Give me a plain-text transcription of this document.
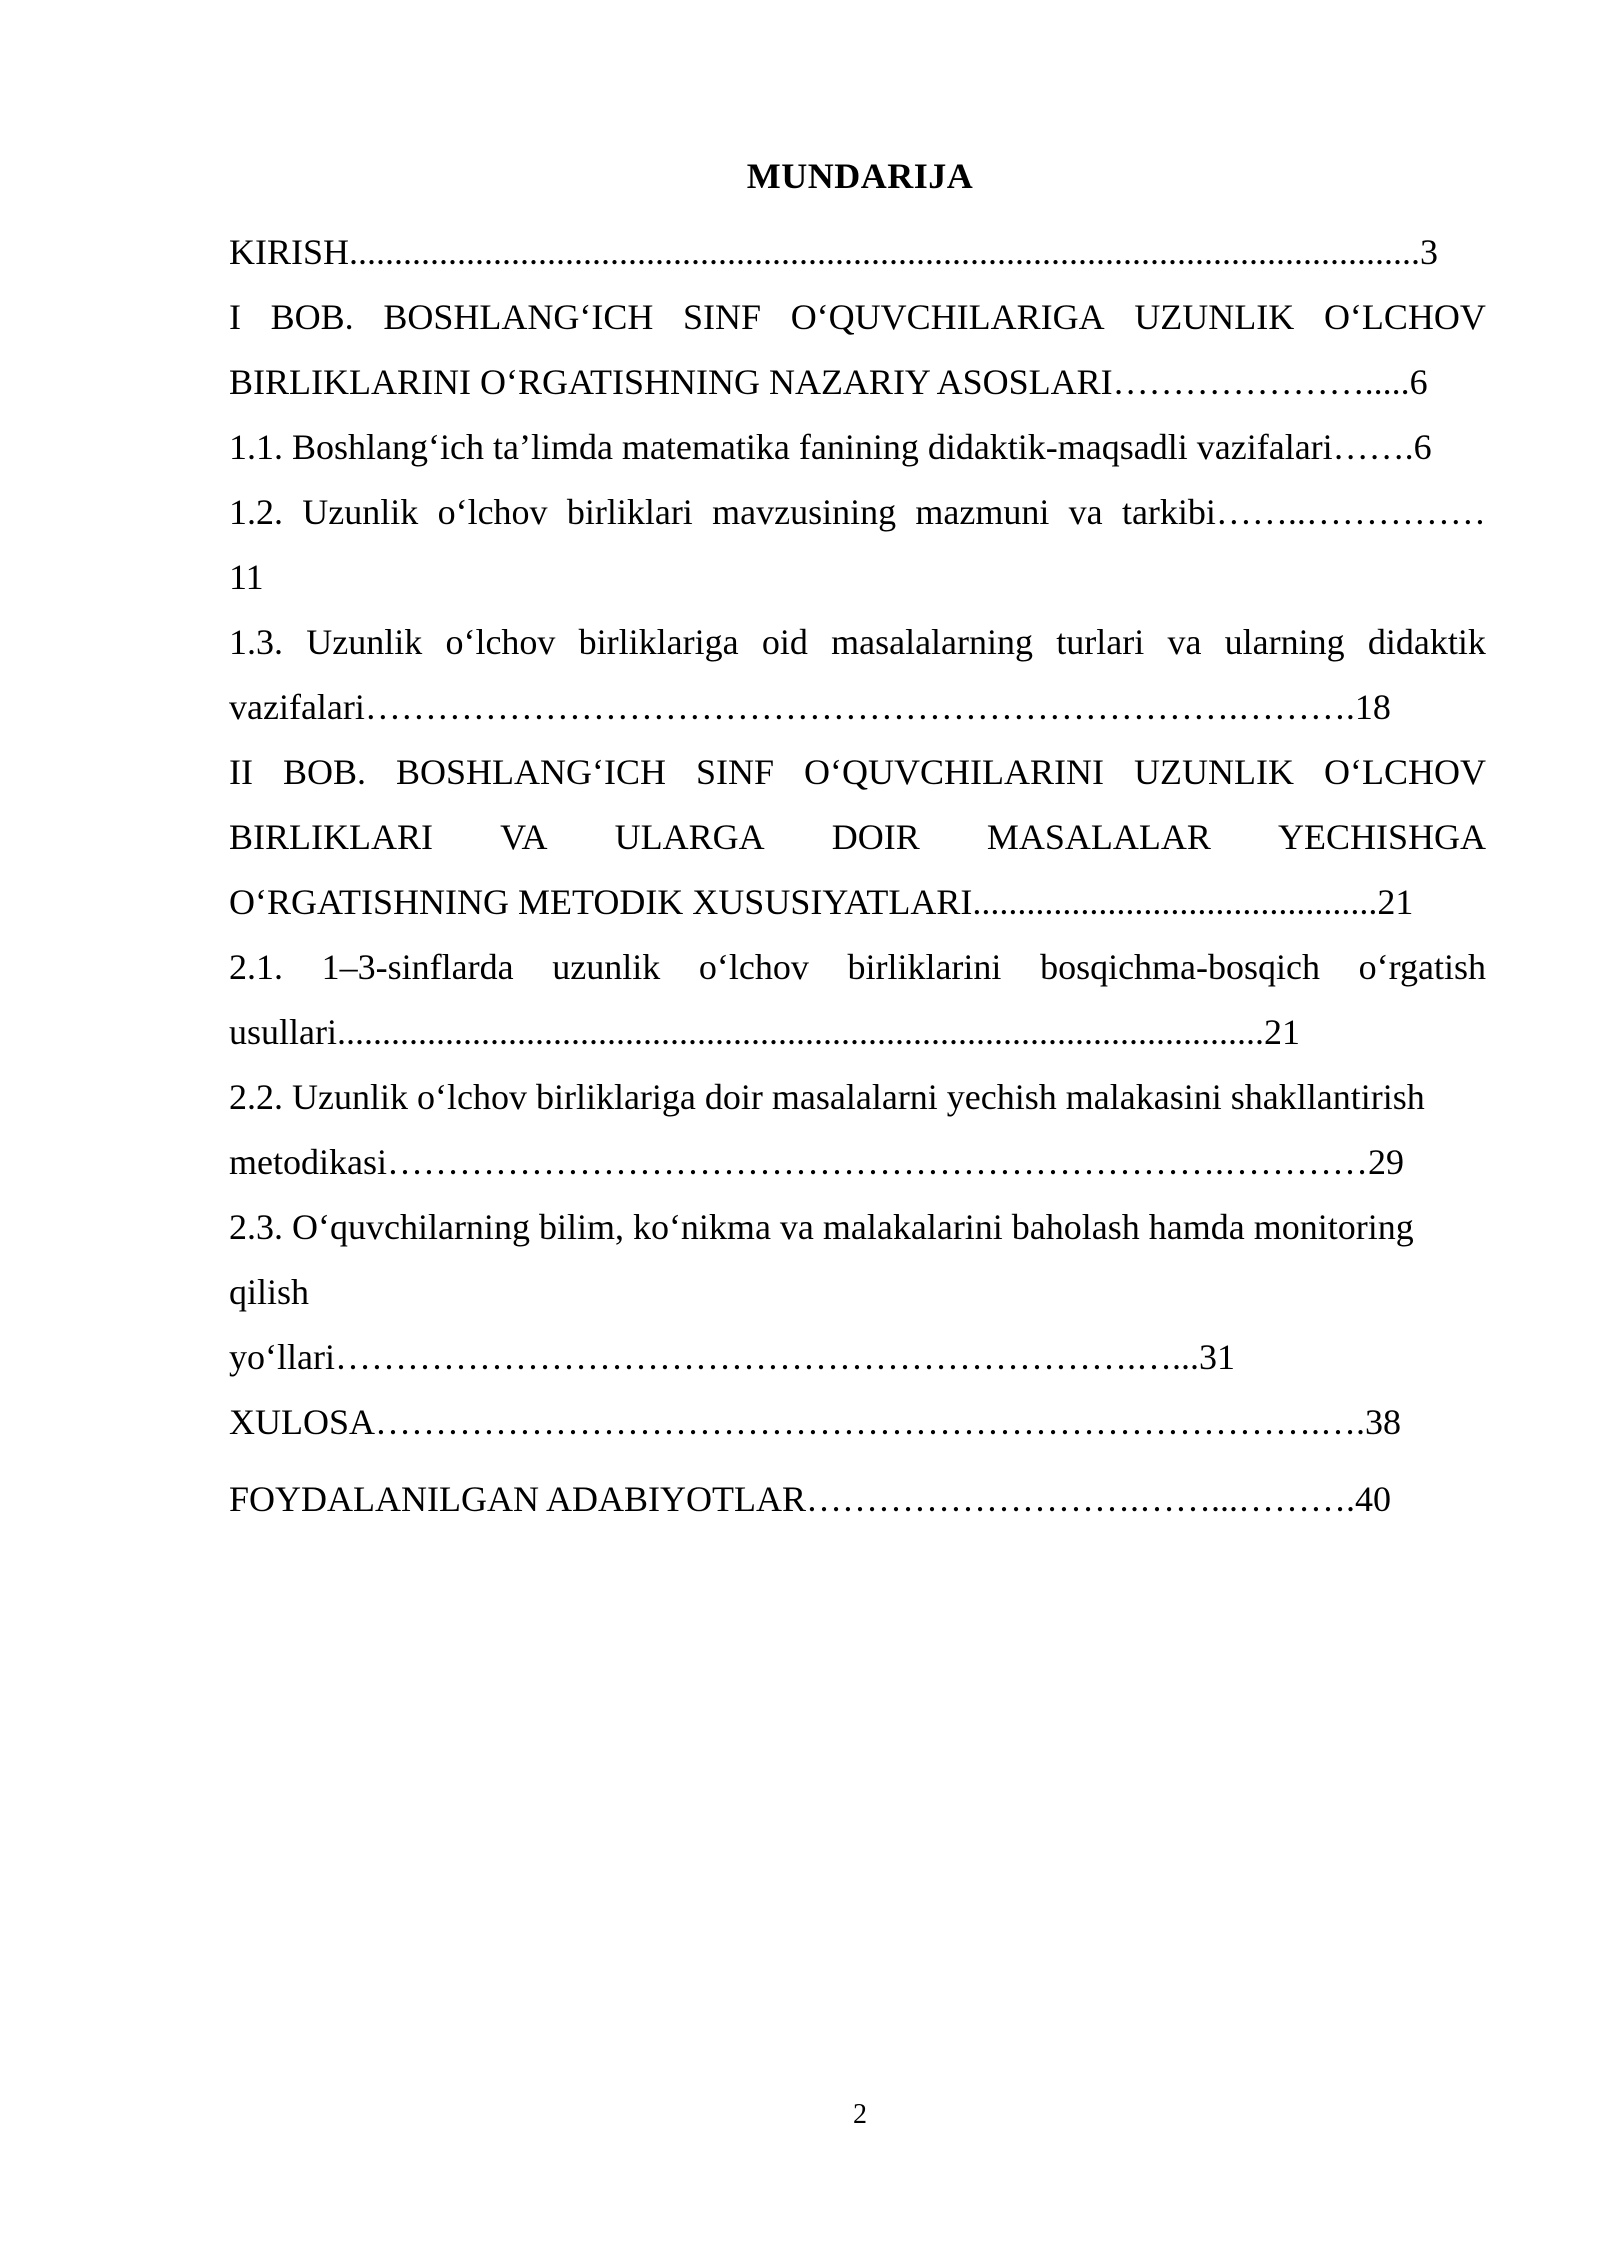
MUNDARIJA
KIRISH.......................................................................................................................3
I BOB. BOSHLANG‘ICH SINF O‘QUVCHILARIGA UZUNLIK O‘LCHOV
BIRLIKLARINI O‘RGATISHNING NAZARIY ASOSLARI………………….....6
1.1. Boshlang‘ich ta’limda matematika fanining didaktik-maqsadli vazifalari…….6
1.2. Uzunlik o‘lchov birliklari mavzusining mazmuni va tarkibi……..……………
11
1.3. Uzunlik o‘lchov birliklariga oid masalalarning turlari va ularning didaktik
vazifalari……………………………………………………………….……….18
II BOB. BOSHLANG‘ICH SINF O‘QUVCHILARINI UZUNLIK O‘LCHOV
BIRLIKLARI VA ULARGA DOIR MASALALAR YECHISHGA
O‘RGATISHNING METODIK XUSUSIYATLARI.............................................21
2.1. 1–3-sinflarda uzunlik o‘lchov birliklarini bosqichma-bosqich o‘rgatish
usullari.......................................................................................................21
2.2. Uzunlik o‘lchov birliklariga doir masalalarni yechish malakasini shakllantirish
metodikasi…………………………………………………………….…………29
2.3. O‘quvchilarning bilim, ko‘nikma va malakalarini baholash hamda monitoring
qilish
yo‘llari………………………………………………………….…...31
XULOSA…………………………………………………………………….….38
FOYDALANILGAN ADABIYOTLAR……………………….……...……….40
2
